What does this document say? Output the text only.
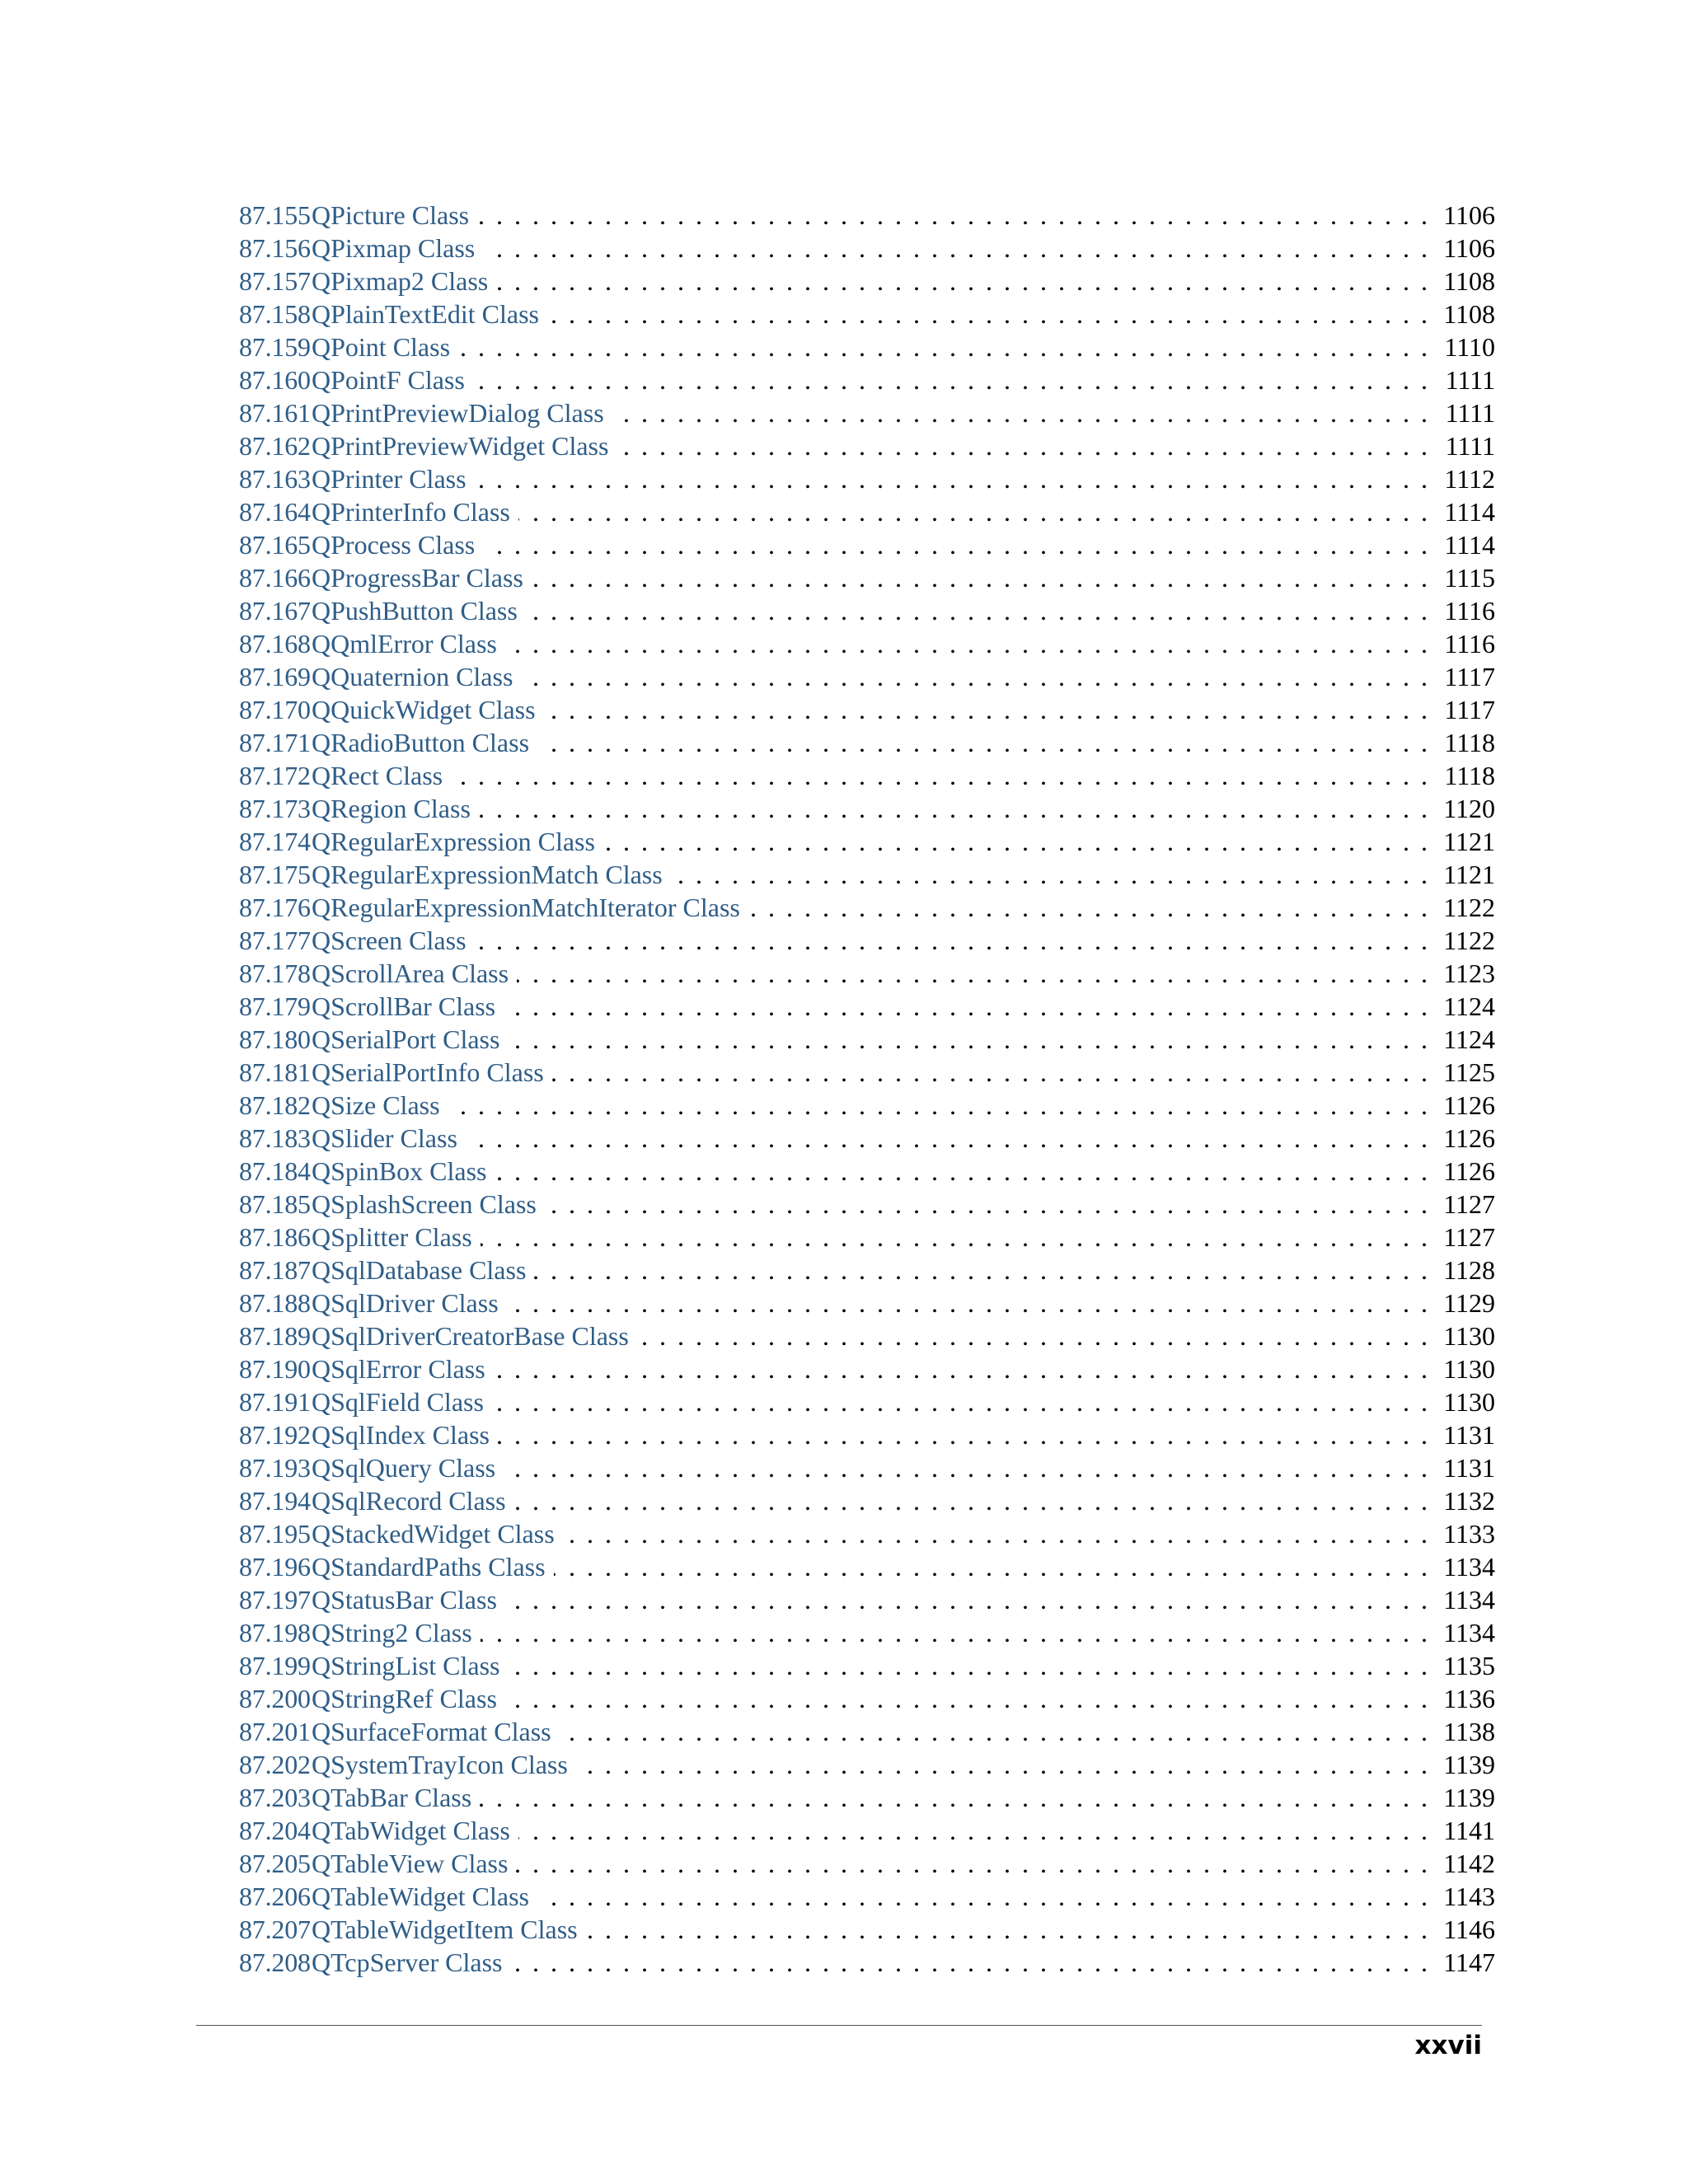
87.155 QPicture Class . . .	1106
87.156 QPixmap Class . . .	1106
87.157 QPixmap2 Class . . .	1108
87.158 QPlainTextEdit Class . . .	1108
87.159 QPoint Class . . .	1110
87.160 QPointF Class . . .	1111
87.161 QPrintPreviewDialog Class . . .	1111
87.162 QPrintPreviewWidget Class . . .	1111
87.163 QPrinter Class . . .	1112
87.164 QPrinterInfo Class . . .	1114
87.165 QProcess Class . . .	1114
87.166 QProgressBar Class . . .	1115
87.167 QPushButton Class . . .	1116
87.168 QQmlError Class . . .	1116
87.169 QQuaternion Class . . .	1117
87.170 QQuickWidget Class . . .	1117
87.171 QRadioButton Class . . .	1118
87.172 QRect Class . . .	1118
87.173 QRegion Class . . .	1120
87.174 QRegularExpression Class . . .	1121
87.175 QRegularExpressionMatch Class . . .	1121
87.176 QRegularExpressionMatchIterator Class . . .	1122
87.177 QScreen Class . . .	1122
87.178 QScrollArea Class . . .	1123
87.179 QScrollBar Class . . .	1124
87.180 QSerialPort Class . . .	1124
87.181 QSerialPortInfo Class . . .	1125
87.182 QSize Class . . .	1126
87.183 QSlider Class . . .	1126
87.184 QSpinBox Class . . .	1126
87.185 QSplashScreen Class . . .	1127
87.186 QSplitter Class . . .	1127
87.187 QSqlDatabase Class . . .	1128
87.188 QSqlDriver Class . . .	1129
87.189 QSqlDriverCreatorBase Class . . .	1130
87.190 QSqlError Class . . .	1130
87.191 QSqlField Class . . .	1130
87.192 QSqlIndex Class . . .	1131
87.193 QSqlQuery Class . . .	1131
87.194 QSqlRecord Class . . .	1132
87.195 QStackedWidget Class . . .	1133
87.196 QStandardPaths Class . . .	1134
87.197 QStatusBar Class . . .	1134
87.198 QString2 Class . . .	1134
87.199 QStringList Class . . .	1135
87.200 QStringRef Class . . .	1136
87.201 QSurfaceFormat Class . . .	1138
87.202 QSystemTrayIcon Class . . .	1139
87.203 QTabBar Class . . .	1139
87.204 QTabWidget Class . . .	1141
87.205 QTableView Class . . .	1142
87.206 QTableWidget Class . . .	1143
87.207 QTableWidgetItem Class . . .	1146
87.208 QTcpServer Class . . .	1147
xxvii
